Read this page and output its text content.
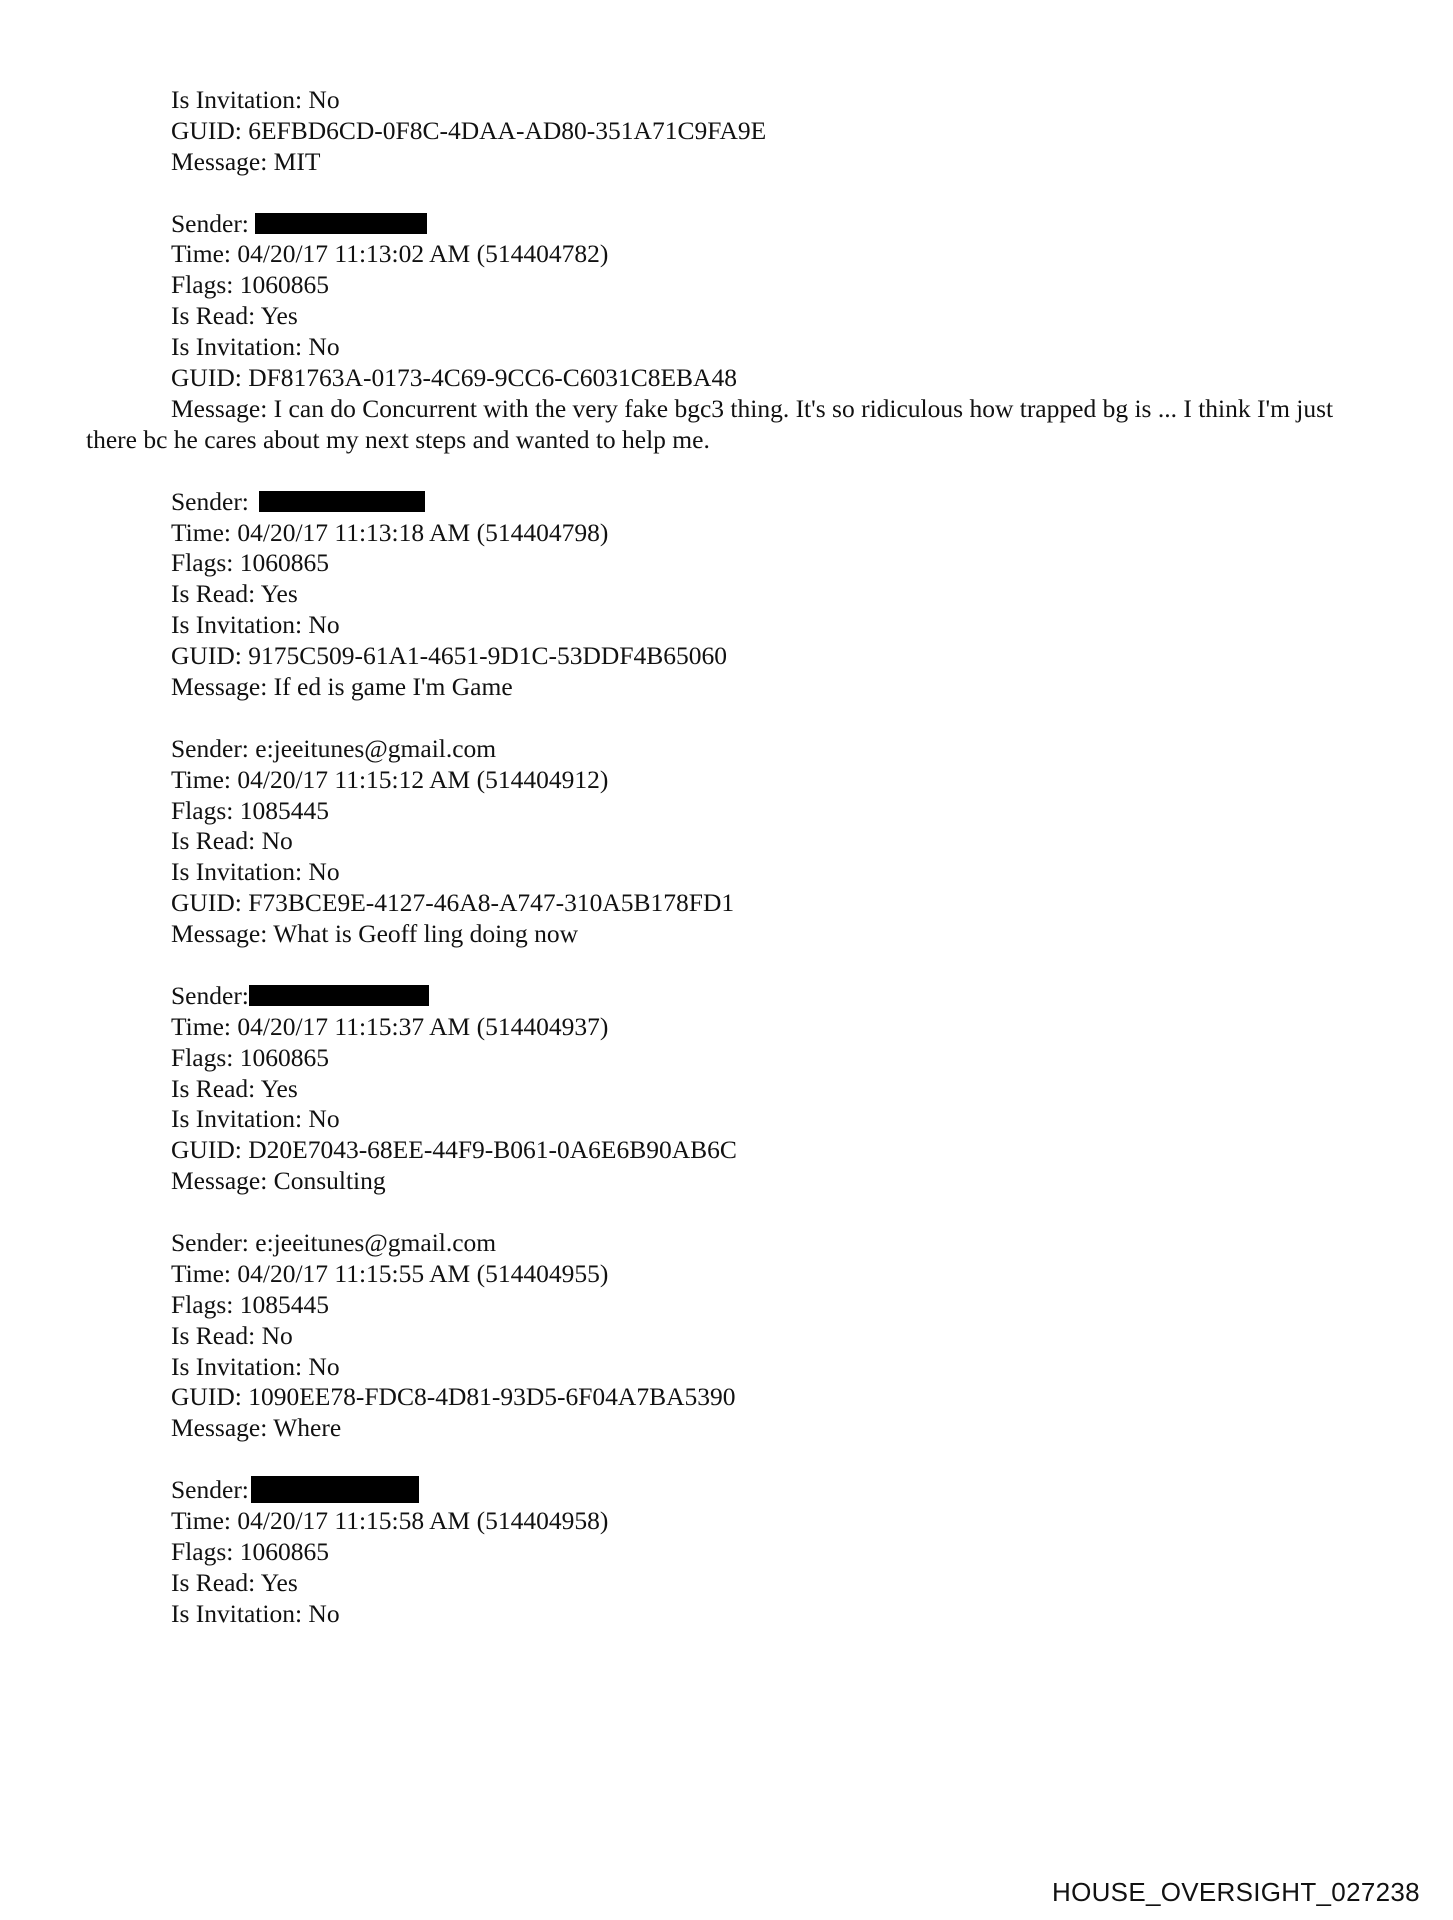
Is Invitation: No
GUID: 6EFBD6CD-0F8C-4DAA-AD80-351A71C9FA9E
Message: MIT
Sender:
Time: 04/20/17 11:13:02 AM (514404782)
Flags: 1060865
Is Read: Yes
Is Invitation: No
GUID: DF81763A-0173-4C69-9CC6-C6031C8EBA48
Message: I can do Concurrent with the very fake bgc3 thing. It's so ridiculous how trapped bg is ... I think I'm just there bc he cares about my next steps and wanted to help me.
Sender:
Time: 04/20/17 11:13:18 AM (514404798)
Flags: 1060865
Is Read: Yes
Is Invitation: No
GUID: 9175C509-61A1-4651-9D1C-53DDF4B65060
Message: If ed is game I'm Game
Sender: e:jeeitunes@gmail.com
Time: 04/20/17 11:15:12 AM (514404912)
Flags: 1085445
Is Read: No
Is Invitation: No
GUID: F73BCE9E-4127-46A8-A747-310A5B178FD1
Message: What is Geoff ling doing now
Sender:
Time: 04/20/17 11:15:37 AM (514404937)
Flags: 1060865
Is Read: Yes
Is Invitation: No
GUID: D20E7043-68EE-44F9-B061-0A6E6B90AB6C
Message: Consulting
Sender: e:jeeitunes@gmail.com
Time: 04/20/17 11:15:55 AM (514404955)
Flags: 1085445
Is Read: No
Is Invitation: No
GUID: 1090EE78-FDC8-4D81-93D5-6F04A7BA5390
Message: Where
Sender:
Time: 04/20/17 11:15:58 AM (514404958)
Flags: 1060865
Is Read: Yes
Is Invitation: No
HOUSE_OVERSIGHT_027238
